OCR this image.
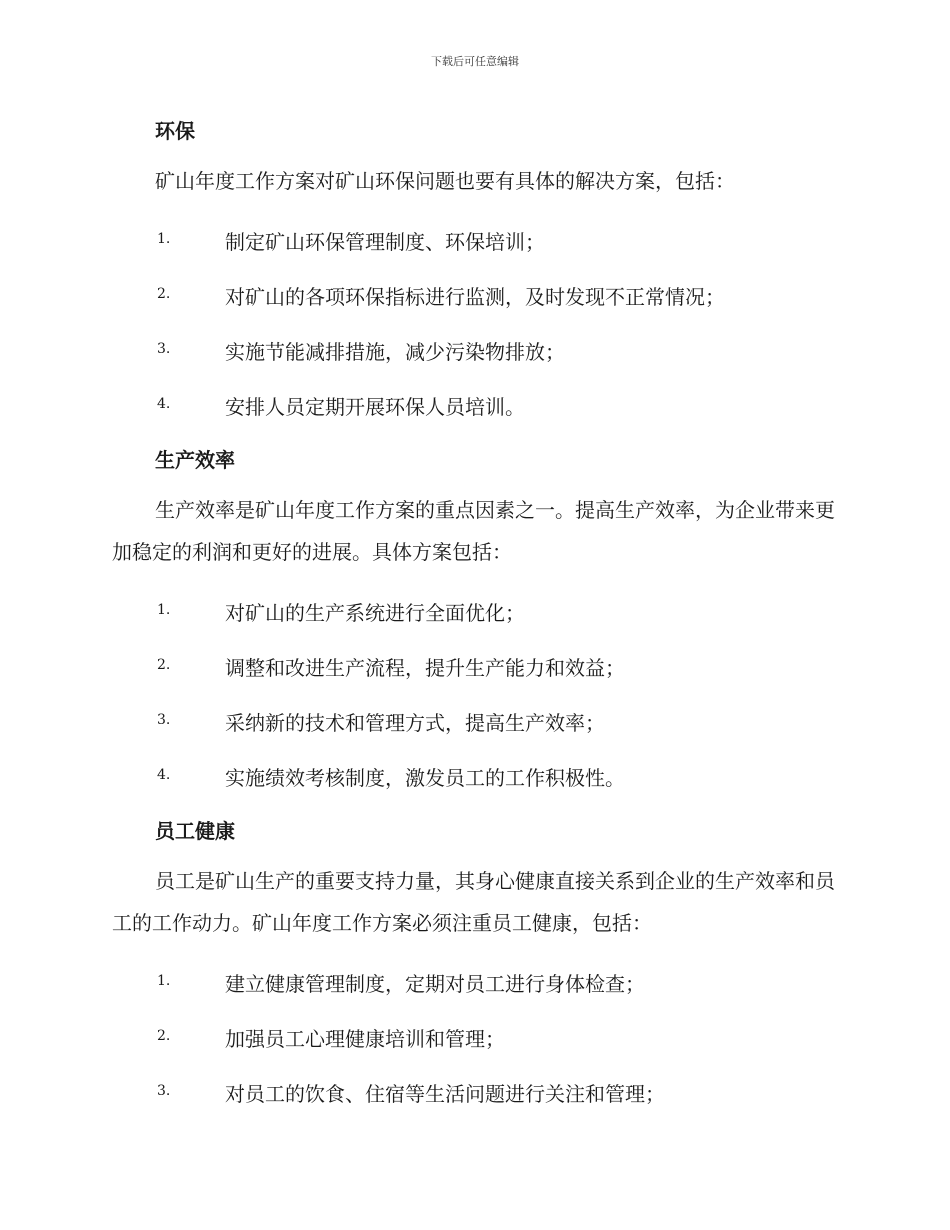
下载后可任意编辑
环保

矿山年度工作方案对矿山环保问题也要有具体的解决方案，包括：

1.	制定矿山环保管理制度、环保培训；
2.	对矿山的各项环保指标进行监测，及时发现不正常情况；
3.	实施节能减排措施，减少污染物排放；
4.	安排人员定期开展环保人员培训。
生产效率

生产效率是矿山年度工作方案的重点因素之一。提高生产效率，为企业带来更加稳定的利润和更好的进展。具体方案包括：

1.	对矿山的生产系统进行全面优化；
2.	调整和改进生产流程，提升生产能力和效益；
3.	采纳新的技术和管理方式，提高生产效率；
4.	实施绩效考核制度，激发员工的工作积极性。
员工健康

员工是矿山生产的重要支持力量，其身心健康直接关系到企业的生产效率和员工的工作动力。矿山年度工作方案必须注重员工健康，包括：

1.	建立健康管理制度，定期对员工进行身体检查；
2.	加强员工心理健康培训和管理；
3.	对员工的饮食、住宿等生活问题进行关注和管理；
